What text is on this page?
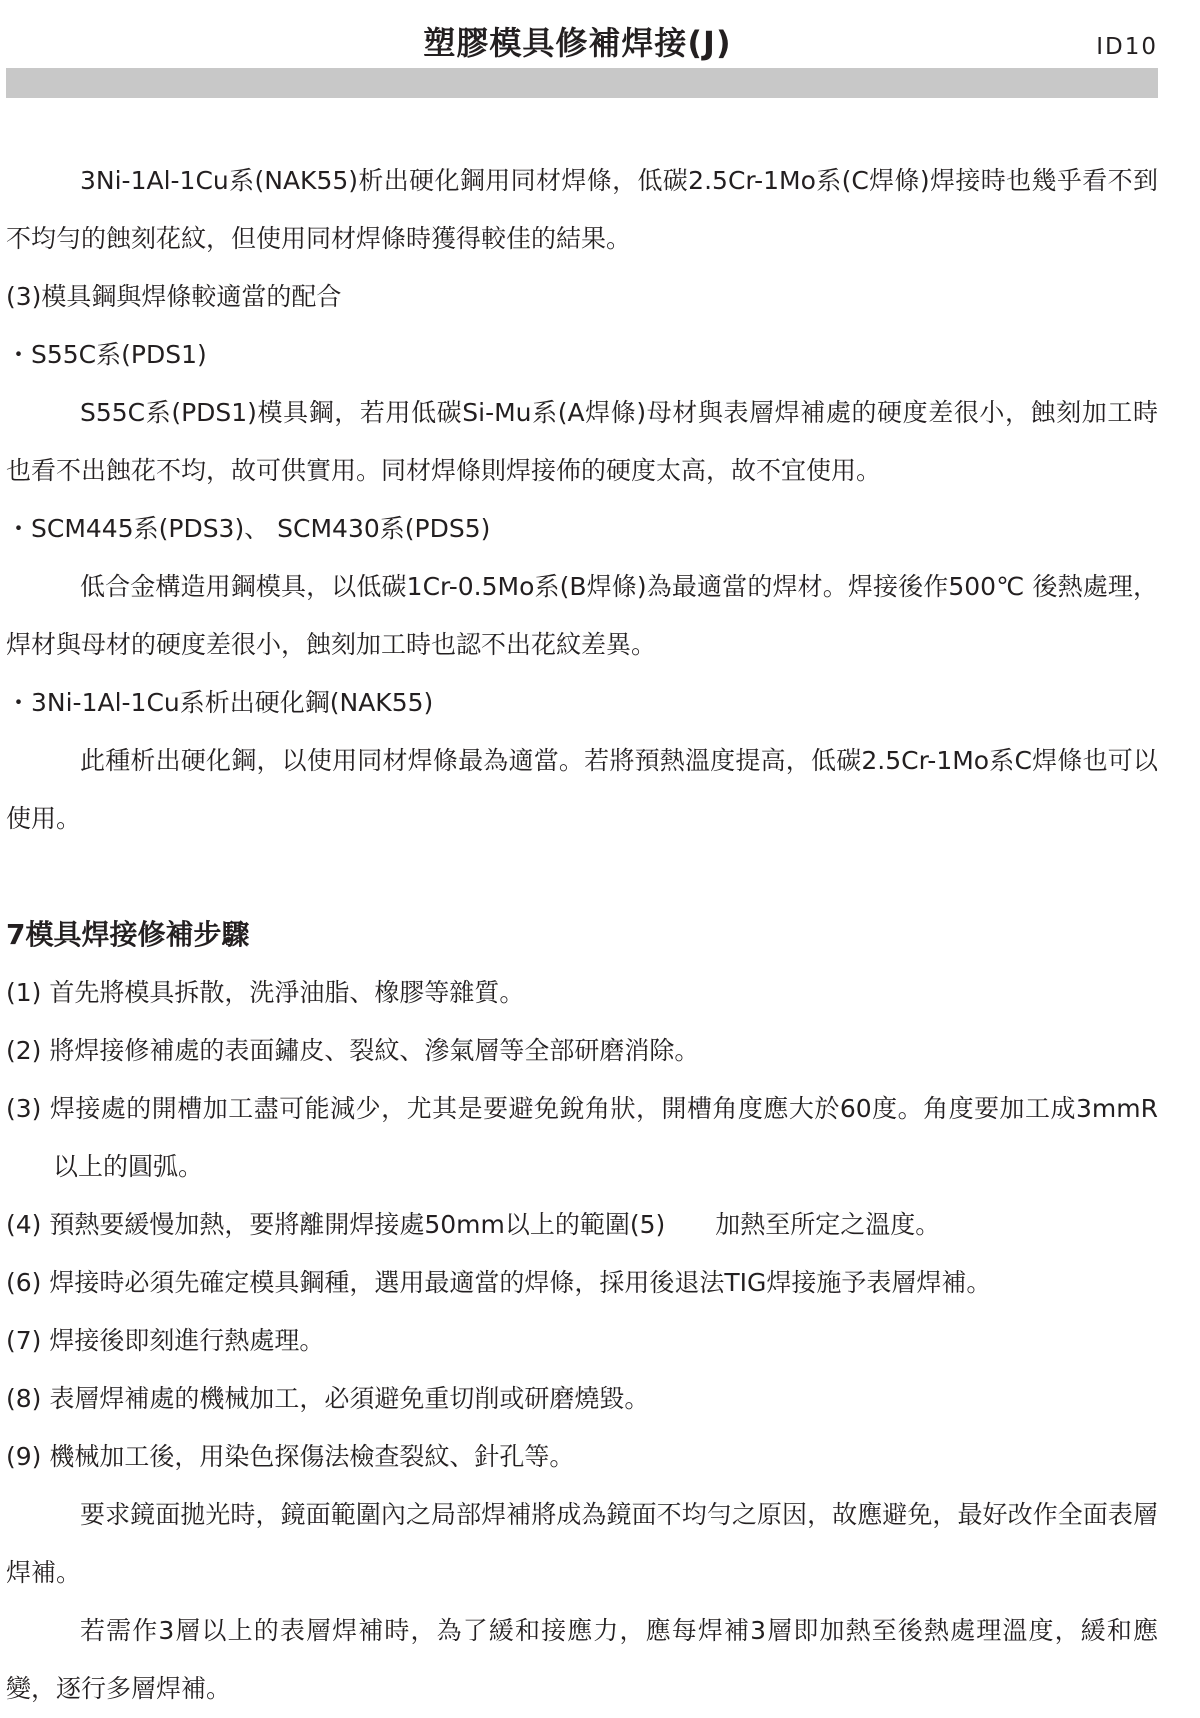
塑膠模具修補焊接(J)	ID10

3Ni-1Al-1Cu系(NAK55)析出硬化鋼用同材焊條，低碳2.5Cr-1Mo系(C焊條)焊接時也幾乎看不到不均勻的蝕刻花紋，但使用同材焊條時獲得較佳的結果。

(3)模具鋼與焊條較適當的配合

・S55C系(PDS1)

S55C系(PDS1)模具鋼，若用低碳Si-Mu系(A焊條)母材與表層焊補處的硬度差很小，蝕刻加工時也看不出蝕花不均，故可供實用。同材焊條則焊接佈的硬度太高，故不宜使用。

・SCM445系(PDS3)、 SCM430系(PDS5)

低合金構造用鋼模具，以低碳1Cr-0.5Mo系(B焊條)為最適當的焊材。焊接後作500℃ 後熱處理，焊材與母材的硬度差很小，蝕刻加工時也認不出花紋差異。

・3Ni-1Al-1Cu系析出硬化鋼(NAK55)

此種析出硬化鋼，以使用同材焊條最為適當。若將預熱溫度提高，低碳2.5Cr-1Mo系C焊條也可以使用。

7模具焊接修補步驟

(1) 首先將模具拆散，洗淨油脂、橡膠等雜質。

(2) 將焊接修補處的表面鏽皮、裂紋、滲氣層等全部研磨消除。

(3) 焊接處的開槽加工盡可能減少，尤其是要避免銳角狀，開槽角度應大於60度。角度要加工成3mmR以上的圓弧。

(4) 預熱要緩慢加熱，要將離開焊接處50mm以上的範圍(5)　　加熱至所定之溫度。

(6) 焊接時必須先確定模具鋼種，選用最適當的焊條，採用後退法TIG焊接施予表層焊補。

(7) 焊接後即刻進行熱處理。

(8) 表層焊補處的機械加工，必須避免重切削或研磨燒毀。

(9) 機械加工後，用染色探傷法檢查裂紋、針孔等。

要求鏡面拋光時，鏡面範圍內之局部焊補將成為鏡面不均勻之原因，故應避免，最好改作全面表層焊補。

若需作3層以上的表層焊補時，為了緩和接應力，應每焊補3層即加熱至後熱處理溫度，緩和應變，逐行多層焊補。
